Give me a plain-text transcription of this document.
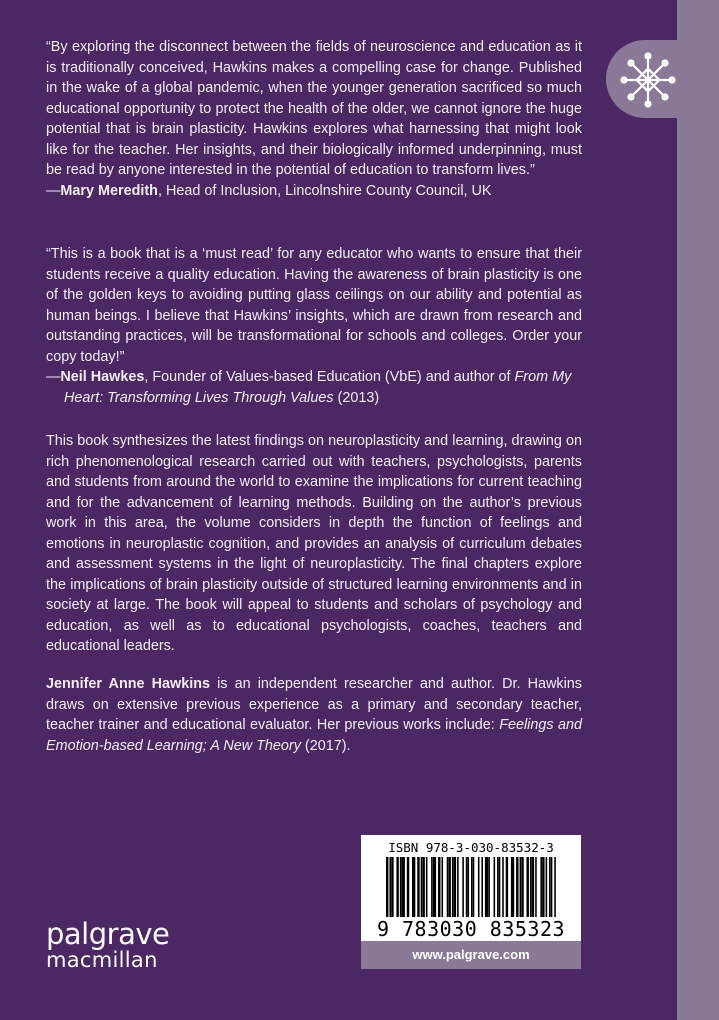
“By exploring the disconnect between the fields of neuroscience and education as it is traditionally conceived, Hawkins makes a compelling case for change. Published in the wake of a global pandemic, when the younger generation sacrificed so much educational opportunity to protect the health of the older, we cannot ignore the huge potential that is brain plasticity. Hawkins explores what harnessing that might look like for the teacher. Her insights, and their biologically informed underpinning, must be read by anyone interested in the potential of education to transform lives.”
—Mary Meredith, Head of Inclusion, Lincolnshire County Council, UK
“This is a book that is a ‘must read’ for any educator who wants to ensure that their students receive a quality education. Having the awareness of brain plasticity is one of the golden keys to avoiding putting glass ceilings on our ability and potential as human beings. I believe that Hawkins’ insights, which are drawn from research and outstanding practices, will be transformational for schools and colleges. Order your copy today!”
—Neil Hawkes, Founder of Values-based Education (VbE) and author of From My Heart: Transforming Lives Through Values (2013)
This book synthesizes the latest findings on neuroplasticity and learning, drawing on rich phenomenological research carried out with teachers, psychologists, parents and students from around the world to examine the implications for current teaching and for the advancement of learning methods. Building on the author’s previous work in this area, the volume considers in depth the function of feelings and emotions in neuroplastic cognition, and provides an analysis of curriculum debates and assessment systems in the light of neuroplasticity. The final chapters explore the implications of brain plasticity outside of structured learning environments and in society at large. The book will appeal to students and scholars of psychology and education, as well as to educational psychologists, coaches, teachers and educational leaders.
Jennifer Anne Hawkins is an independent researcher and author. Dr. Hawkins draws on extensive previous experience as a primary and secondary teacher, teacher trainer and educational evaluator. Her previous works include: Feelings and Emotion-based Learning; A New Theory (2017).
palgrave
macmillan
ISBN 978-3-030-83532-3
9 783030 835323
www.palgrave.com
